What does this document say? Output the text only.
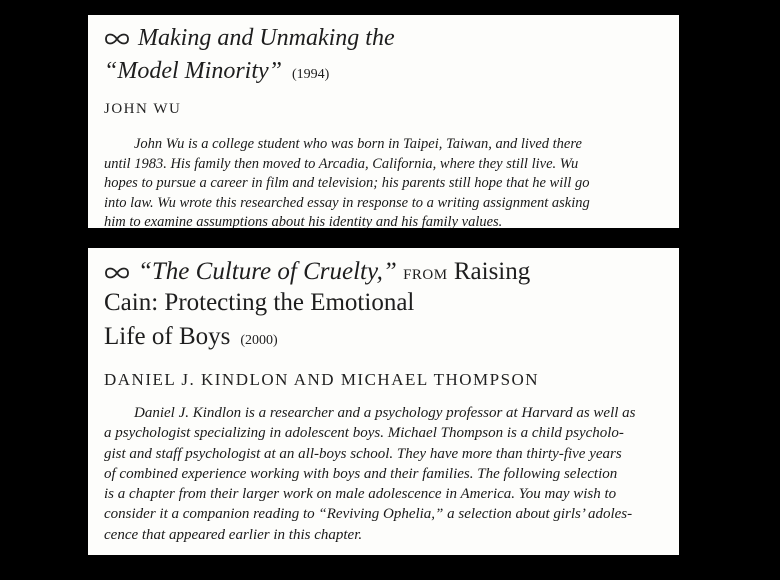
Making and Unmaking the
“Model Minority” (1994)
JOHN WU
John Wu is a college student who was born in Taipei, Taiwan, and lived there
until 1983. His family then moved to Arcadia, California, where they still live. Wu
hopes to pursue a career in film and television; his parents still hope that he will go
into law. Wu wrote this researched essay in response to a writing assignment asking
him to examine assumptions about his identity and his family values.
“The Culture of Cruelty,” FROM Raising
Cain: Protecting the Emotional
Life of Boys (2000)
DANIEL J. KINDLON AND MICHAEL THOMPSON
Daniel J. Kindlon is a researcher and a psychology professor at Harvard as well as
a psychologist specializing in adolescent boys. Michael Thompson is a child psycholo-
gist and staff psychologist at an all-boys school. They have more than thirty-five years
of combined experience working with boys and their families. The following selection
is a chapter from their larger work on male adolescence in America. You may wish to
consider it a companion reading to “Reviving Ophelia,” a selection about girls’ adoles-
cence that appeared earlier in this chapter.
